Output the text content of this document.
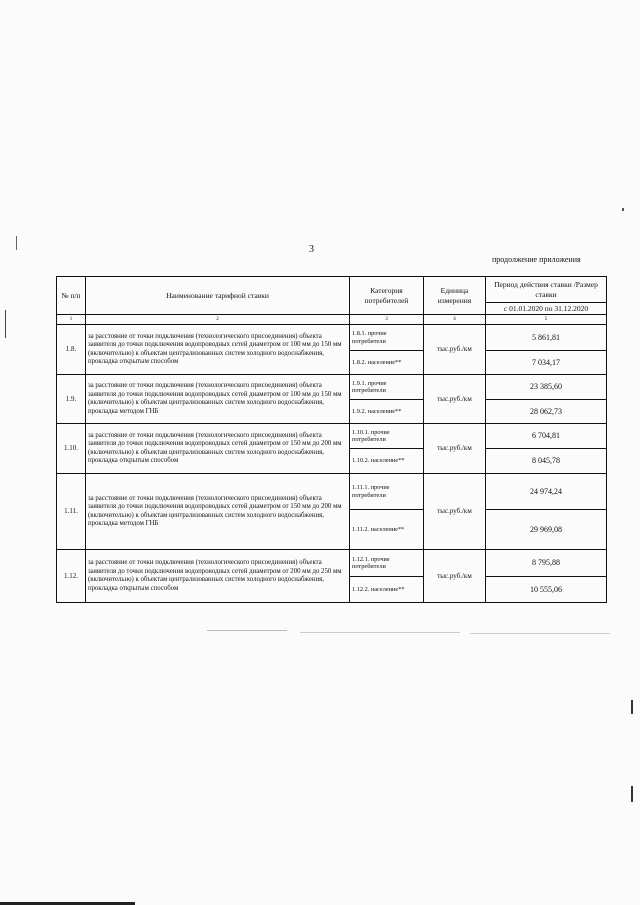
3
продолжение приложения
№ п/п	Наименование тарифной ставки	Категория потребителей	Единица измерения	Период действия ставки /Размер ставки
				с 01.01.2020 по 31.12.2020
1	2	3	4	5
1.8.	за расстояние от точки подключения (технологического присоединения) объекта заявителя до точки подключения водопроводных сетей диаметром от 100 мм до 150 мм (включительно) к объектам централизованных систем холодного водоснабжения, прокладка открытым способом	1.8.1. прочие потребители	тыс.руб./км	5 861,81
		1.8.2. население**		7 034,17
1.9.	за расстояние от точки подключения (технологического присоединения) объекта заявителя до точки подключения водопроводных сетей диаметром от 100 мм до 150 мм (включительно) к объектам централизованных систем холодного водоснабжения, прокладка методом ГНБ	1.9.1. прочие потребители	тыс.руб./км	23 385,60
		1.9.2. население**		28 062,73
1.10.	за расстояние от точки подключения (технологического присоединения) объекта заявителя до точки подключения водопроводных сетей диаметром от 150 мм до 200 мм (включительно) к объектам централизованных систем холодного водоснабжения, прокладка открытым способом	1.10.1. прочие потребители	тыс.руб./км	6 704,81
		1.10.2. население**		8 045,78
1.11.	за расстояние от точки подключения (технологического присоединения) объекта заявителя до точки подключения водопроводных сетей диаметром от 150 мм до 200 мм (включительно) к объектам централизованных систем холодного водоснабжения, прокладка методом ГНБ	1.11.1. прочие потребители	тыс.руб./км	24 974,24
		1.11.2. население**		29 969,08
1.12.	за расстояние от точки подключения (технологического присоединения) объекта заявителя до точки подключения водопроводных сетей диаметром от 200 мм до 250 мм (включительно) к объектам централизованных систем холодного водоснабжения, прокладка открытым способом	1.12.1. прочие потребители	тыс.руб./км	8 795,88
		1.12.2. население**		10 555,06
